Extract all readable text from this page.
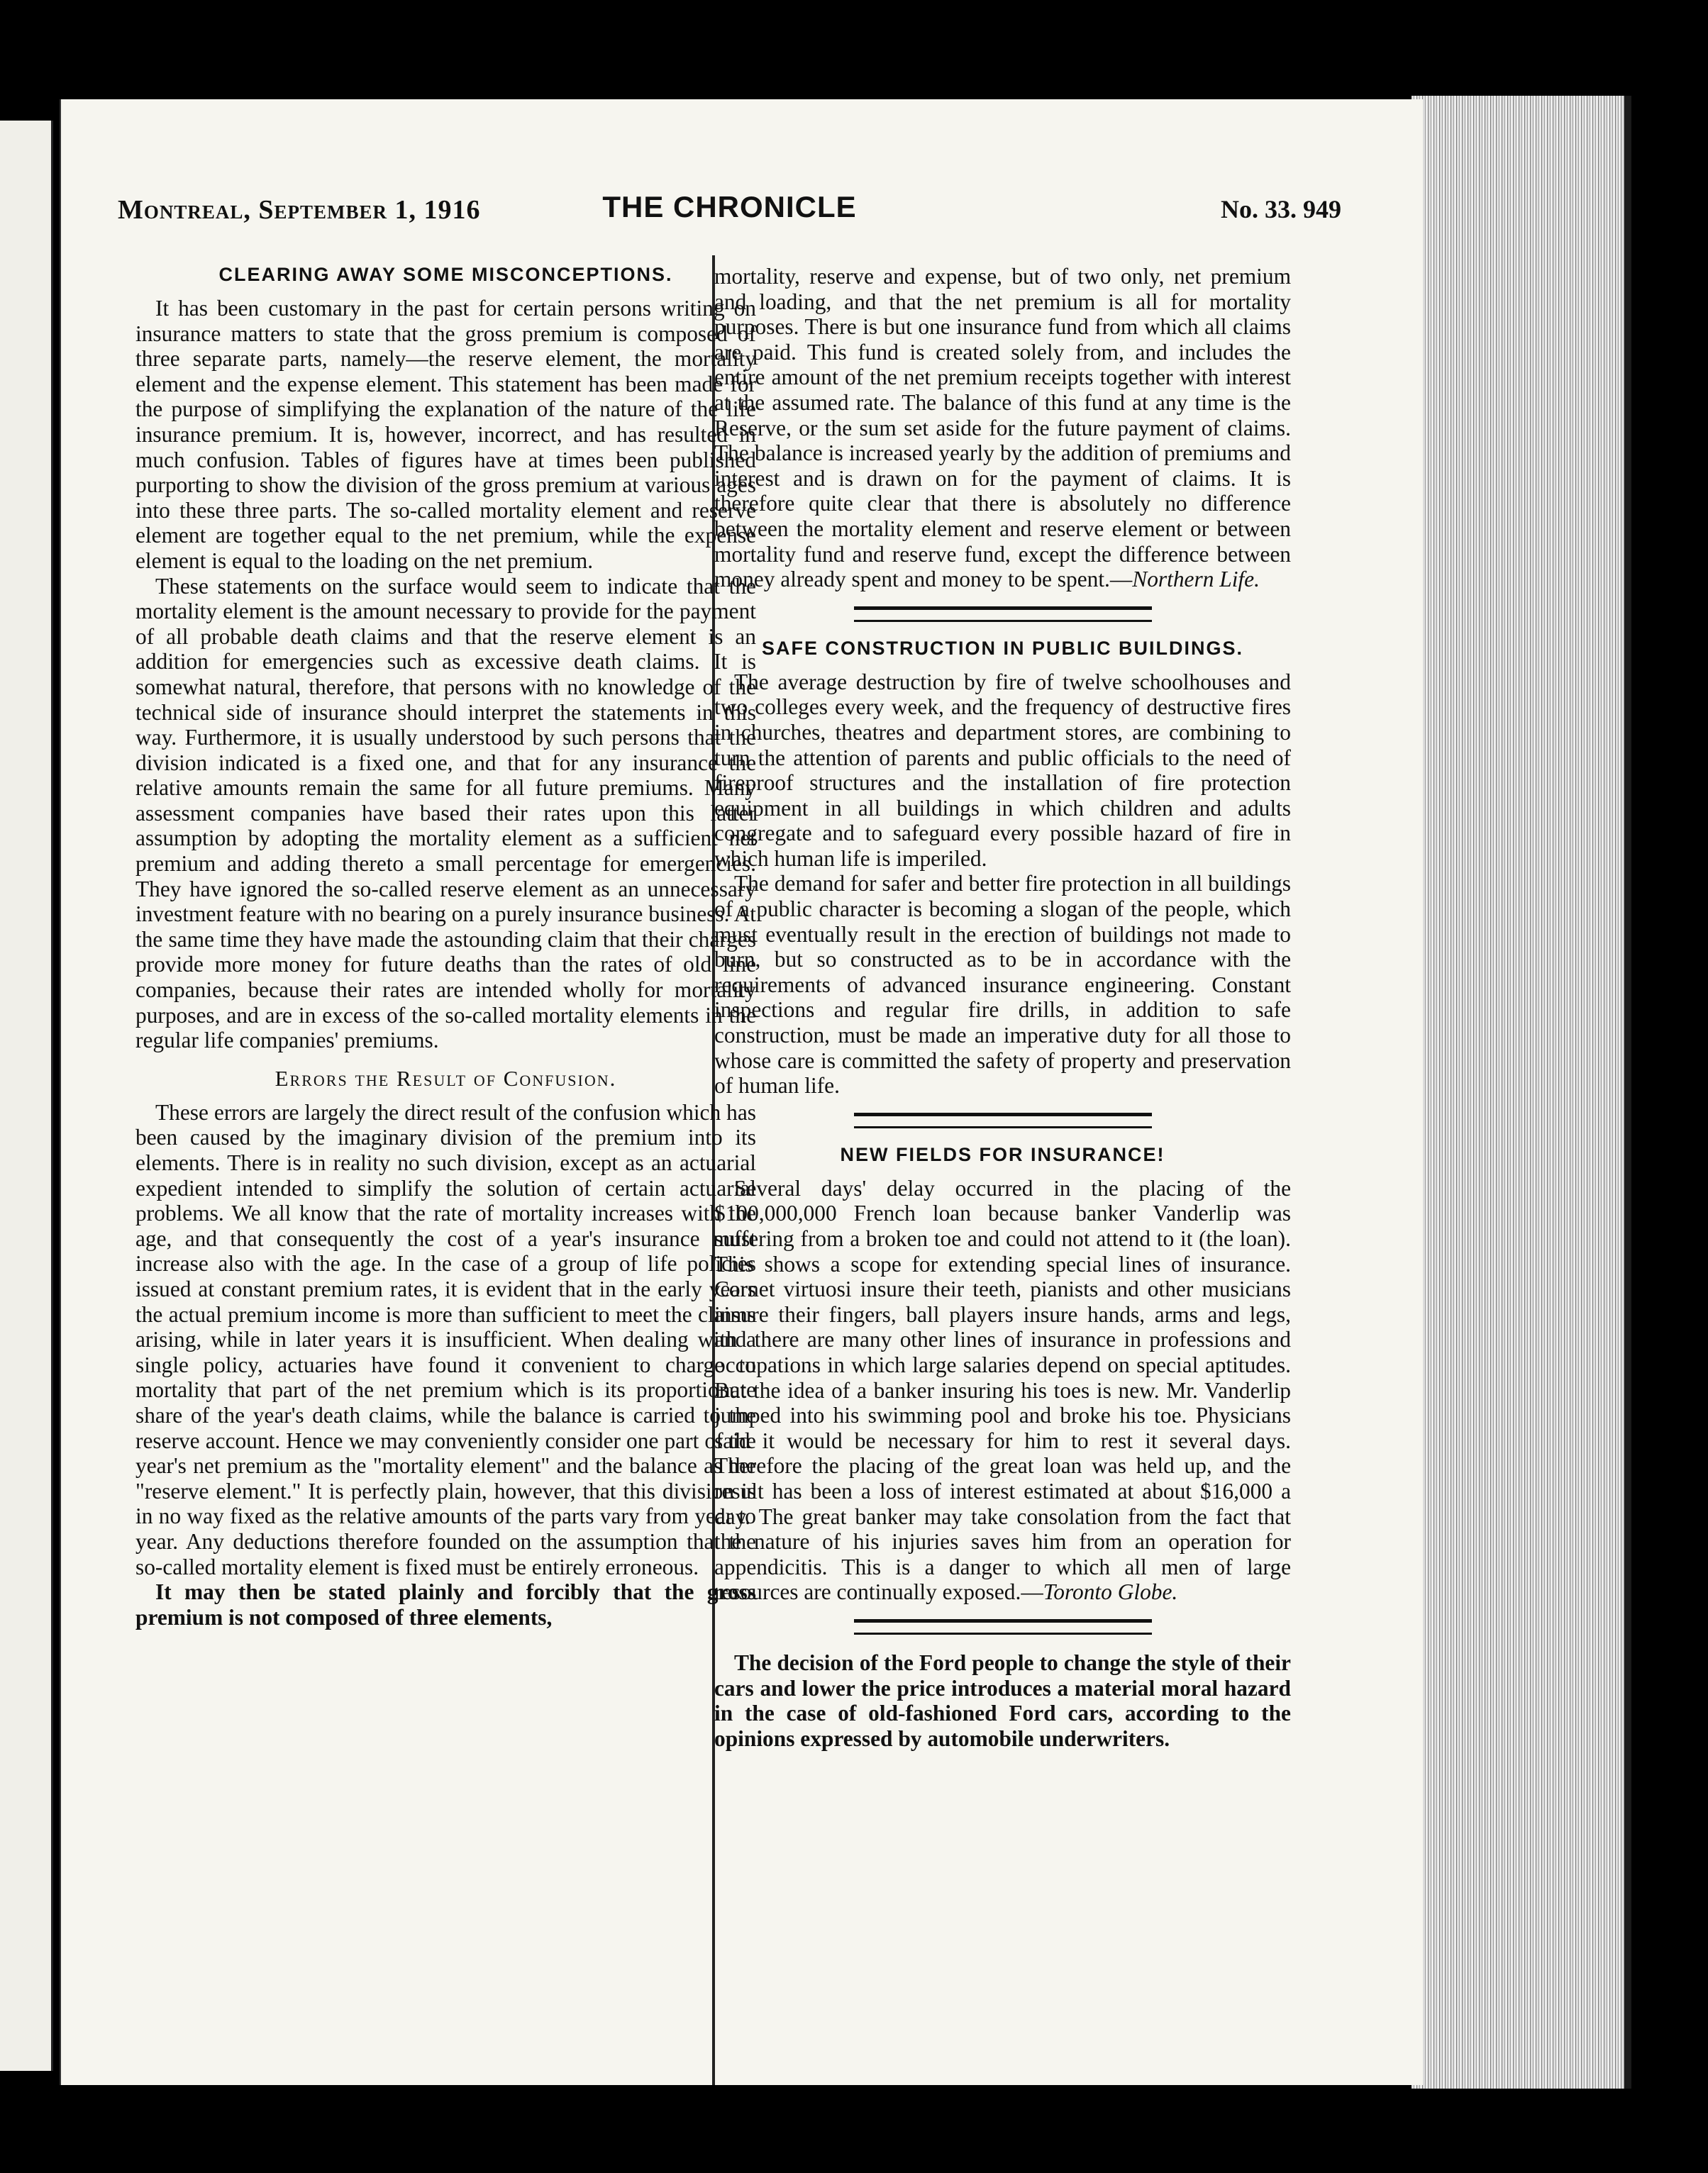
Montreal, September 1, 1916	THE CHRONICLE	No. 33. 949
CLEARING AWAY SOME MISCONCEPTIONS.

It has been customary in the past for certain persons writing on insurance matters to state that the gross premium is composed of three separate parts, namely—the reserve element, the mortality element and the expense element. This statement has been made for the purpose of simplifying the explanation of the nature of the life insurance premium. It is, however, incorrect, and has resulted in much confusion. Tables of figures have at times been published purporting to show the division of the gross premium at various ages into these three parts. The so-called mortality element and reserve element are together equal to the net premium, while the expense element is equal to the loading on the net premium.

These statements on the surface would seem to indicate that the mortality element is the amount necessary to provide for the payment of all probable death claims and that the reserve element is an addition for emergencies such as excessive death claims. It is somewhat natural, therefore, that persons with no knowledge of the technical side of insurance should interpret the statements in this way. Furthermore, it is usually understood by such persons that the division indicated is a fixed one, and that for any insurance the relative amounts remain the same for all future premiums. Many assessment companies have based their rates upon this latter assumption by adopting the mortality element as a sufficient net premium and adding thereto a small percentage for emergencies. They have ignored the so-called reserve element as an unnecessary investment feature with no bearing on a purely insurance business. At the same time they have made the astounding claim that their charges provide more money for future deaths than the rates of old line companies, because their rates are intended wholly for mortality purposes, and are in excess of the so-called mortality elements in the regular life companies' premiums.

Errors the Result of Confusion.

These errors are largely the direct result of the confusion which has been caused by the imaginary division of the premium into its elements. There is in reality no such division, except as an actuarial expedient intended to simplify the solution of certain actuarial problems. We all know that the rate of mortality increases with the age, and that consequently the cost of a year's insurance must increase also with the age. In the case of a group of life policies issued at constant premium rates, it is evident that in the early years the actual premium income is more than sufficient to meet the claims arising, while in later years it is insufficient. When dealing with a single policy, actuaries have found it convenient to charge to mortality that part of the net premium which is its proportionate share of the year's death claims, while the balance is carried to the reserve account. Hence we may conveniently consider one part of the year's net premium as the "mortality element" and the balance as the "reserve element." It is perfectly plain, however, that this division is in no way fixed as the relative amounts of the parts vary from year to year. Any deductions therefore founded on the assumption that the so-called mortality element is fixed must be entirely erroneous.

It may then be stated plainly and forcibly that the gross premium is not composed of three elements,

mortality, reserve and expense, but of two only, net premium and loading, and that the net premium is all for mortality purposes. There is but one insurance fund from which all claims are paid. This fund is created solely from, and includes the entire amount of the net premium receipts together with interest at the assumed rate. The balance of this fund at any time is the Reserve, or the sum set aside for the future payment of claims. The balance is increased yearly by the addition of premiums and interest and is drawn on for the payment of claims. It is therefore quite clear that there is absolutely no difference between the mortality element and reserve element or between mortality fund and reserve fund, except the difference between money already spent and money to be spent.—Northern Life.

SAFE CONSTRUCTION IN PUBLIC BUILDINGS.

The average destruction by fire of twelve schoolhouses and two colleges every week, and the frequency of destructive fires in churches, theatres and department stores, are combining to turn the attention of parents and public officials to the need of fireproof structures and the installation of fire protection equipment in all buildings in which children and adults congregate and to safeguard every possible hazard of fire in which human life is imperiled.

The demand for safer and better fire protection in all buildings of a public character is becoming a slogan of the people, which must eventually result in the erection of buildings not made to burn, but so constructed as to be in accordance with the requirements of advanced insurance engineering. Constant inspections and regular fire drills, in addition to safe construction, must be made an imperative duty for all those to whose care is committed the safety of property and preservation of human life.

NEW FIELDS FOR INSURANCE!

Several days' delay occurred in the placing of the $100,000,000 French loan because banker Vanderlip was suffering from a broken toe and could not attend to it (the loan). This shows a scope for extending special lines of insurance. Cornet virtuosi insure their teeth, pianists and other musicians insure their fingers, ball players insure hands, arms and legs, and there are many other lines of insurance in professions and occupations in which large salaries depend on special aptitudes. But the idea of a banker insuring his toes is new. Mr. Vanderlip jumped into his swimming pool and broke his toe. Physicians said it would be necessary for him to rest it several days. Therefore the placing of the great loan was held up, and the result has been a loss of interest estimated at about $16,000 a day. The great banker may take consolation from the fact that the nature of his injuries saves him from an operation for appendicitis. This is a danger to which all men of large resources are continually exposed.—Toronto Globe.

The decision of the Ford people to change the style of their cars and lower the price introduces a material moral hazard in the case of old-fashioned Ford cars, according to the opinions expressed by automobile underwriters.
